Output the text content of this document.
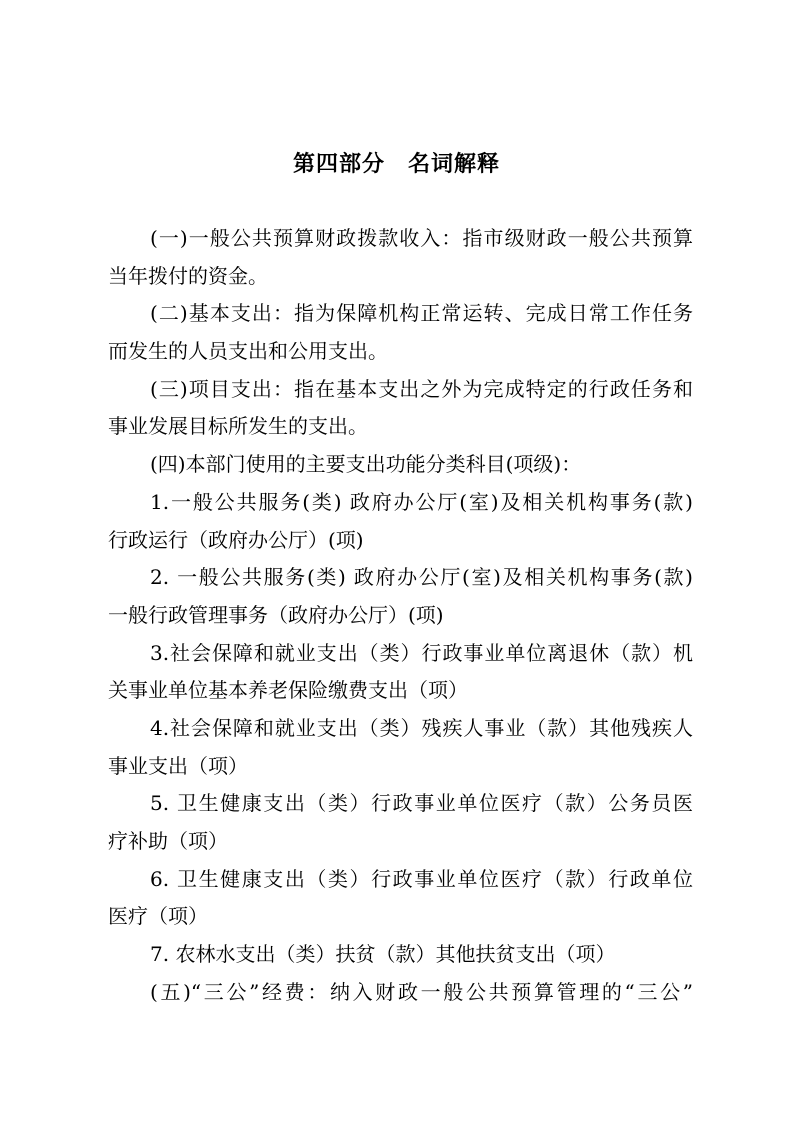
第四部分　名词解释
(一)一般公共预算财政拨款收入：指市级财政一般公共预算
当年拨付的资金。
(二)基本支出：指为保障机构正常运转、完成日常工作任务
而发生的人员支出和公用支出。
(三)项目支出：指在基本支出之外为完成特定的行政任务和
事业发展目标所发生的支出。
(四)本部门使用的主要支出功能分类科目(项级)：
1.一般公共服务(类) 政府办公厅(室)及相关机构事务(款)
行政运行（政府办公厅）(项)
2. 一般公共服务(类) 政府办公厅(室)及相关机构事务(款)
一般行政管理事务（政府办公厅）(项)
3.社会保障和就业支出（类）行政事业单位离退休（款）机
关事业单位基本养老保险缴费支出（项）
4.社会保障和就业支出（类）残疾人事业（款）其他残疾人
事业支出（项）
5. 卫生健康支出（类）行政事业单位医疗（款）公务员医
疗补助（项）
6. 卫生健康支出（类）行政事业单位医疗（款）行政单位
医疗（项）
7. 农林水支出（类）扶贫（款）其他扶贫支出（项）
(五)“三公”经费：纳入财政一般公共预算管理的“三公”
